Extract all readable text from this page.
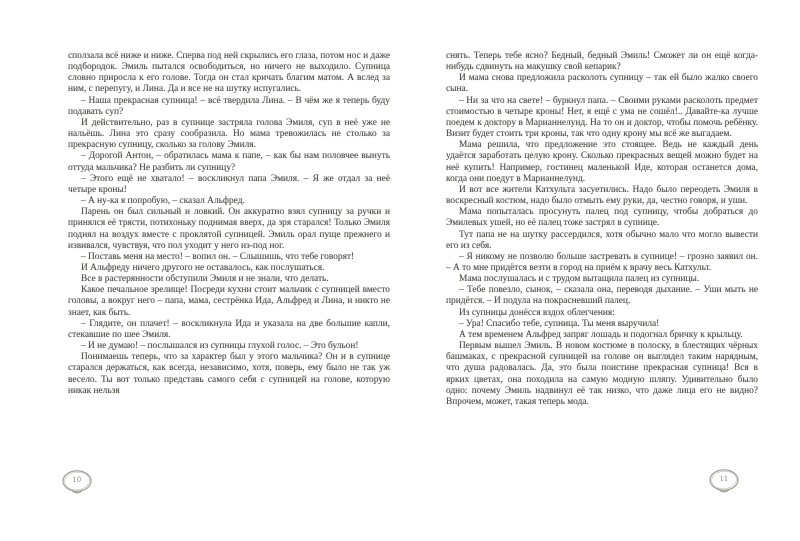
сползала всё ниже и ниже. Сперва под ней скрылись его глаза, потом нос и даже подбородок. Эмиль пытался освободиться, но ничего не выходило. Супница словно приросла к его голове. Тогда он стал кричать благим матом. А вслед за ним, с перепугу, и Лина. Да и все не на шутку испугались.

– Наша прекрасная супница! – всё твердила Лина. – В чём же я теперь буду подавать суп?

И действительно, раз в супнице застряла голова Эмиля, суп в неё уже не нальёшь. Лина это сразу сообразила. Но мама тревожилась не столько за прекрасную супницу, сколько за голову Эмиля.

– Дорогой Антон, – обратилась мама к папе, – как бы нам половчее вынуть оттуда мальчика? Не разбить ли супницу?

– Этого ещё не хватало! – воскликнул папа Эмиля. – Я же отдал за неё четыре кроны!

– А ну-ка я попробую, – сказал Альфред.

Парень он был сильный и ловкий. Он аккуратно взял супницу за ручки и принялся её трясти, потихоньку поднимая вверх, да зря старался! Только Эмиля поднял на воздух вместе с проклятой супницей. Эмиль орал пуще прежнего и извивался, чувствуя, что пол уходит у него из-под ног.

– Поставь меня на место! – вопил он. – Слышишь, что тебе говорят!

И Альфреду ничего другого не оставалось, как послушаться.

Все в растерянности обступили Эмиля и не знали, что делать.

Какое печальное зрелище! Посреди кухни стоит мальчик с супницей вместо головы, а вокруг него – папа, мама, сестрёнка Ида, Альфред и Лина, и никто не знает, как быть.

– Глядите, он плачет! – воскликнула Ида и указала на две большие капли, стекавшие по шее Эмиля.

– И не думаю! – послышался из супницы глухой голос. – Это бульон!

Понимаешь теперь, что за характер был у этого мальчика? Он и в супнице старался держаться, как всегда, независимо, хотя, поверь, ему было не так уж весело. Ты вот только представь самого себя с супницей на голове, которую никак нельзя

снять. Теперь тебе ясно? Бедный, бедный Эмиль! Сможет ли он ещё когда-нибудь сдвинуть на макушку свой кепарик?

И мама снова предложила расколоть супницу – так ей было жалко своего сына.

– Ни за что на свете! – буркнул папа. – Своими руками расколоть предмет стоимостью в четыре кроны! Нет, я ещё с ума не сошёл!.. Давайте-ка лучше поедем к доктору в Марианнелунд. На то он и доктор, чтобы помочь ребёнку. Визит будет стоить три кроны, так что одну крону мы всё же выгадаем.

Мама решила, что предложение это стоящее. Ведь не каждый день удаётся заработать целую крону. Сколько прекрасных вещей можно будет на неё купить! Например, гостинец маленькой Иде, которая останется дома, когда они поедут в Марианнелунд.

И вот все жители Катхульта засуетились. Надо было переодеть Эмиля в воскресный костюм, надо было отмыть ему руки, да, честно говоря, и уши.

Мама попыталась просунуть палец под супницу, чтобы добраться до Эмилевых ушей, но её палец тоже застрял в супнице.

Тут папа не на шутку рассердился, хотя обычно мало что могло вывести его из себя.

– Я никому не позволю больше застревать в супнице! – грозно заявил он. – А то мне придётся везти в город на приём к врачу весь Катхульт.

Мама послушалась и с трудом вытащила палец из супницы.

– Тебе повезло, сынок, – сказала она, переводя дыхание. – Уши мыть не придётся. – И подула на покрасневший палец.

Из супницы донёсся вздох облегчения:

– Ура! Спасибо тебе, супница. Ты меня выручила!

А тем временем Альфред запряг лошадь и подогнал бричку к крыльцу.

Первым вышел Эмиль. В новом костюме в полоску, в блестящих чёрных башмаках, с прекрасной супницей на голове он выглядел таким нарядным, что душа радовалась. Да, это была поистине прекрасная супница! Вся в ярких цветах, она походила на самую модную шляпу. Удивительно было одно: почему Эмиль надвинул её так низко, что даже лица его не видно? Впрочем, может, такая теперь мода.

10	11
